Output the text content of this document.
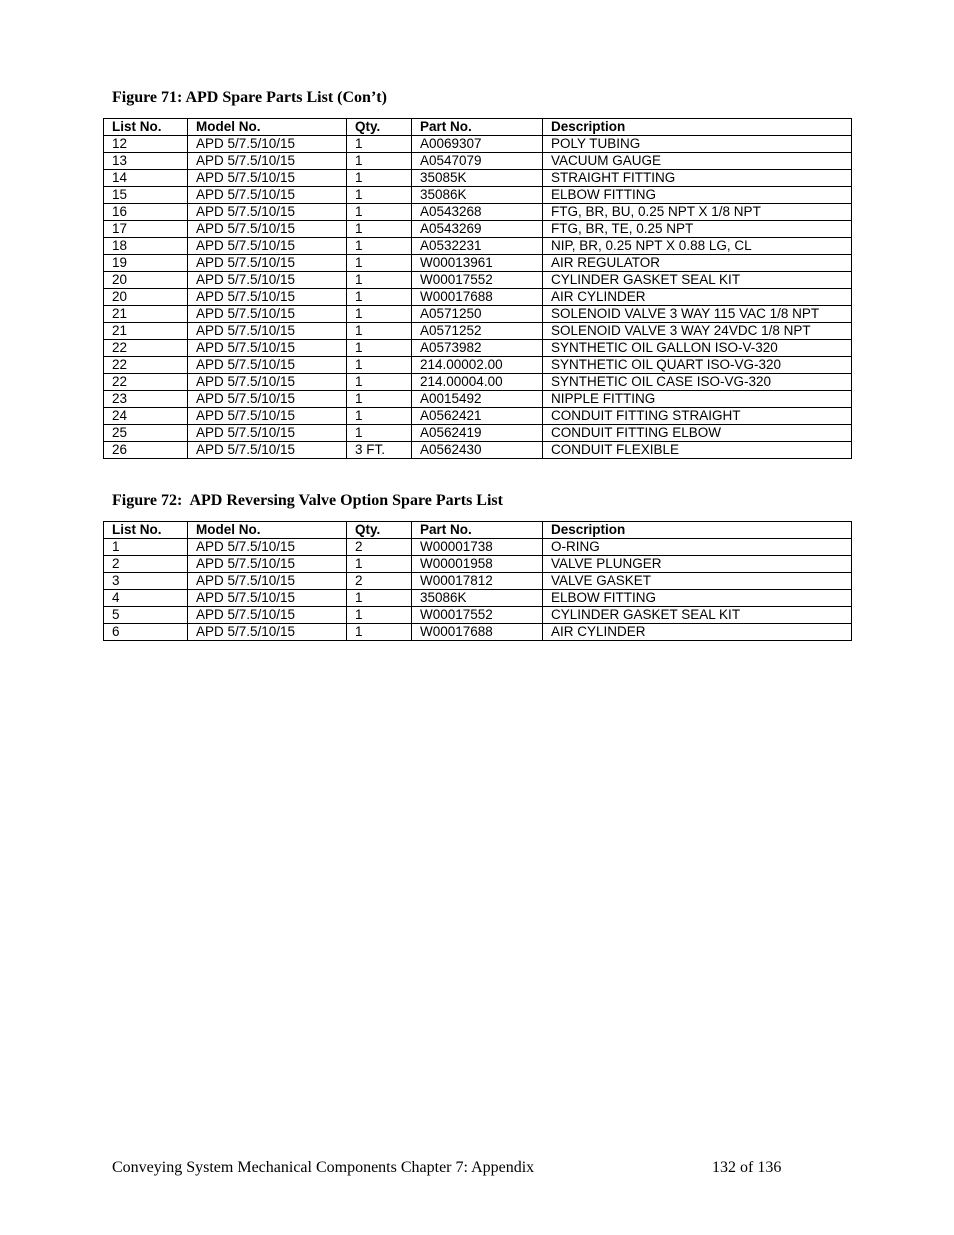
Figure 71: APD Spare Parts List (Con’t)

List No.	Model No.	Qty.	Part No.	Description
12	APD 5/7.5/10/15	1	A0069307	POLY TUBING
13	APD 5/7.5/10/15	1	A0547079	VACUUM GAUGE
14	APD 5/7.5/10/15	1	35085K	STRAIGHT FITTING
15	APD 5/7.5/10/15	1	35086K	ELBOW FITTING
16	APD 5/7.5/10/15	1	A0543268	FTG, BR, BU, 0.25 NPT X 1/8 NPT
17	APD 5/7.5/10/15	1	A0543269	FTG, BR, TE, 0.25 NPT
18	APD 5/7.5/10/15	1	A0532231	NIP, BR, 0.25 NPT X 0.88 LG, CL
19	APD 5/7.5/10/15	1	W00013961	AIR REGULATOR
20	APD 5/7.5/10/15	1	W00017552	CYLINDER GASKET SEAL KIT
20	APD 5/7.5/10/15	1	W00017688	AIR CYLINDER
21	APD 5/7.5/10/15	1	A0571250	SOLENOID VALVE 3 WAY 115 VAC 1/8 NPT
21	APD 5/7.5/10/15	1	A0571252	SOLENOID VALVE 3 WAY 24VDC 1/8 NPT
22	APD 5/7.5/10/15	1	A0573982	SYNTHETIC OIL GALLON ISO-V-320
22	APD 5/7.5/10/15	1	214.00002.00	SYNTHETIC OIL QUART ISO-VG-320
22	APD 5/7.5/10/15	1	214.00004.00	SYNTHETIC OIL CASE ISO-VG-320
23	APD 5/7.5/10/15	1	A0015492	NIPPLE FITTING
24	APD 5/7.5/10/15	1	A0562421	CONDUIT FITTING STRAIGHT
25	APD 5/7.5/10/15	1	A0562419	CONDUIT FITTING ELBOW
26	APD 5/7.5/10/15	3 FT.	A0562430	CONDUIT FLEXIBLE

Figure 72:  APD Reversing Valve Option Spare Parts List

List No.	Model No.	Qty.	Part No.	Description
1	APD 5/7.5/10/15	2	W00001738	O-RING
2	APD 5/7.5/10/15	1	W00001958	VALVE PLUNGER
3	APD 5/7.5/10/15	2	W00017812	VALVE GASKET
4	APD 5/7.5/10/15	1	35086K	ELBOW FITTING
5	APD 5/7.5/10/15	1	W00017552	CYLINDER GASKET SEAL KIT
6	APD 5/7.5/10/15	1	W00017688	AIR CYLINDER
Conveying System Mechanical Components Chapter 7: Appendix	132 of 136
